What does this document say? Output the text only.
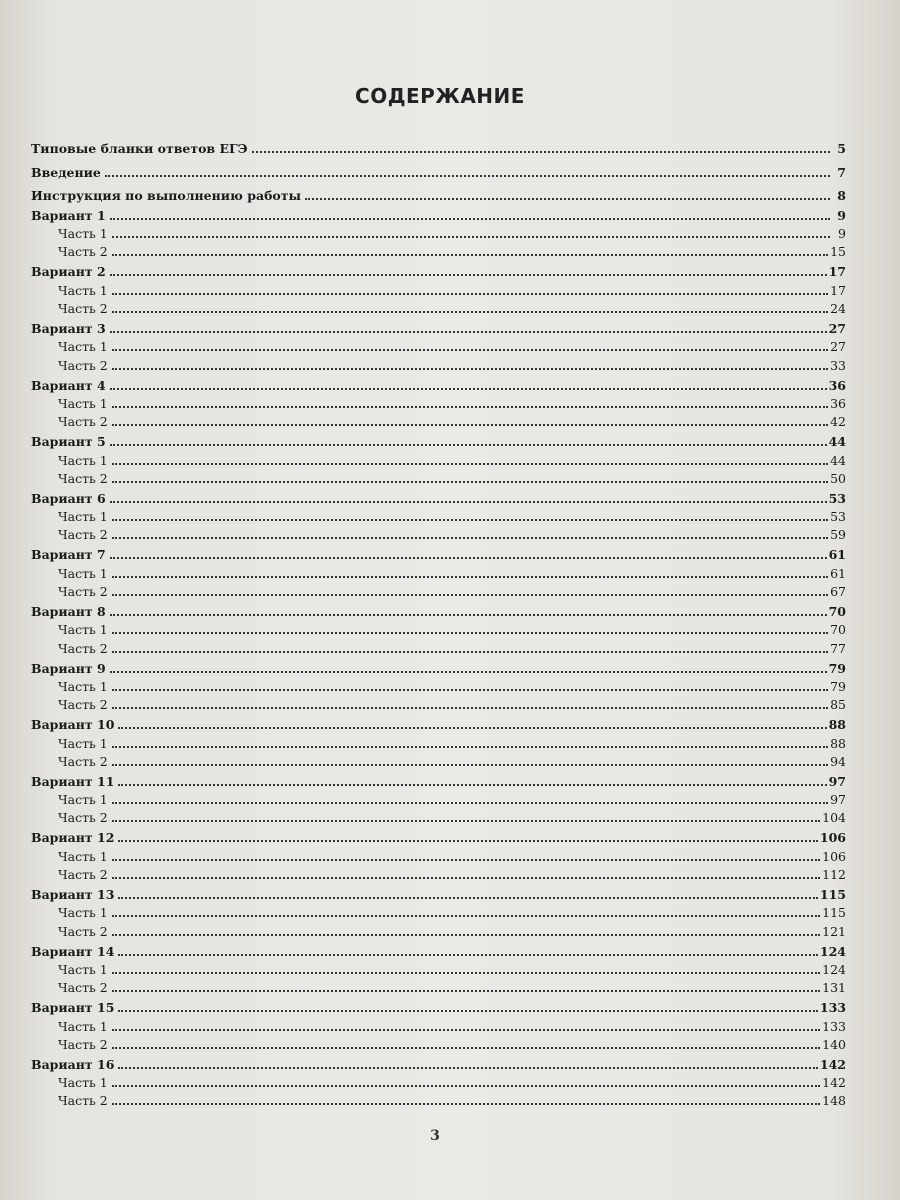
СОДЕРЖАНИЕ
Типовые бланки ответов ЕГЭ	5
Введение	7
Инструкция по выполнению работы	8
Вариант 1	9
Часть 1	9
Часть 2	15
Вариант 2	17
Часть 1	17
Часть 2	24
Вариант 3	27
Часть 1	27
Часть 2	33
Вариант 4	36
Часть 1	36
Часть 2	42
Вариант 5	44
Часть 1	44
Часть 2	50
Вариант 6	53
Часть 1	53
Часть 2	59
Вариант 7	61
Часть 1	61
Часть 2	67
Вариант 8	70
Часть 1	70
Часть 2	77
Вариант 9	79
Часть 1	79
Часть 2	85
Вариант 10	88
Часть 1	88
Часть 2	94
Вариант 11	97
Часть 1	97
Часть 2	104
Вариант 12	106
Часть 1	106
Часть 2	112
Вариант 13	115
Часть 1	115
Часть 2	121
Вариант 14	124
Часть 1	124
Часть 2	131
Вариант 15	133
Часть 1	133
Часть 2	140
Вариант 16	142
Часть 1	142
Часть 2	148
3
